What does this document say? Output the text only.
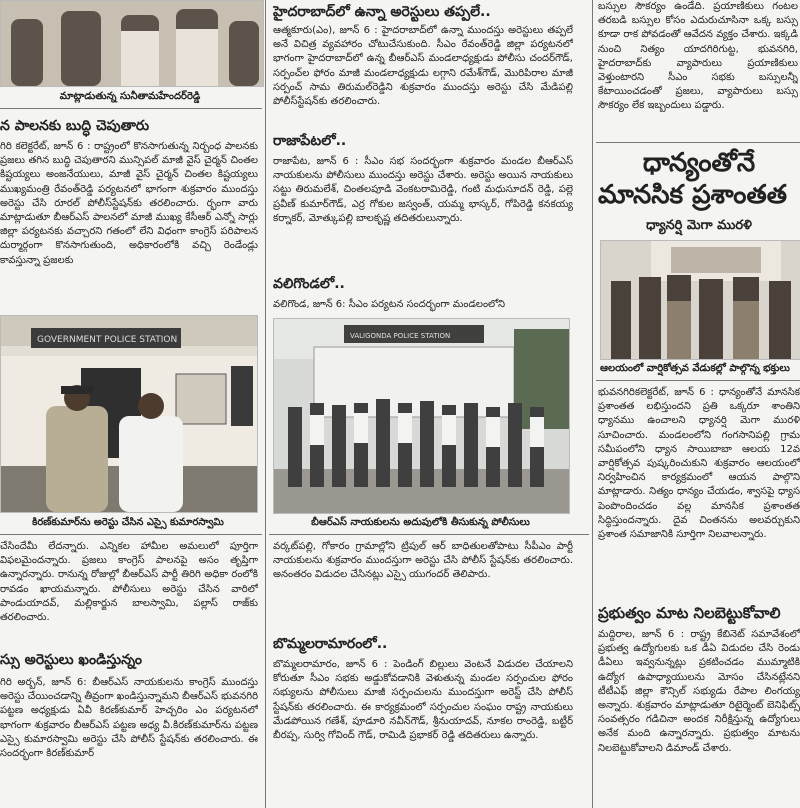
మాట్లాడుతున్న సునీతామహేందర్‌రెడ్డి
న పాలనకు బుద్ధి చెపుతారు

గిరి కలెక్టరేట్‌, జూన్‌ 6 : రాష్ట్రంలో కొనసాగుతున్న నిర్బంధ పాలనకు ప్రజలు తగిన బుద్ధి చెపుతారని మున్సిపల్‌ మాజీ వైస్‌ చైర్మన్‌ చింతల కిష్టయ్యలు అంజనేయులు, మాజీ వైస్‌ చైర్మన్‌ చింతల కిష్టయ్యలు ముఖ్యమంత్రి రేవంత్‌రెడ్డి పర్యటనలో భాగంగా శుక్రవారం ముందస్తు అరెస్టు చేసి రూరల్‌ పోలీస్‌స్టేషన్‌కు తరలించారు. ర్భంగా వారు మాట్లాడుతూ బీఆర్‌ఎస్‌ పాలనలో మాజీ ముఖ్య కేసీఆర్‌ ఎన్నో సార్లు జిల్లా పర్యటనకు వచ్చారని గతంలో లేని విధంగా కాంగ్రెస్‌ పరిపాలన దుర్మార్గంగా కొనసాగుతుంది, అధికారంలోకి వచ్చి రెండేండ్లు కావస్తున్నా ప్రజలకు

GOVERNMENT POLICE STATION
కిరణ్‌కుమార్‌ను అరెస్టు చేసిన ఎస్సై కుమారస్వామి

చేసిందేమీ లేదన్నారు. ఎన్నికల హామీల అమలులో పూర్తిగా విఫలమైందన్నారు. ప్రజలు కాంగ్రెస్‌ పాలనపై అసం తృప్తిగా ఉన్నారన్నారు. రానున్న రోజుల్లో బీఆర్‌ఎస్‌ పార్టీ తిరిగి అధికా రంలోకి రావడం ఖాయమన్నారు. పోలీసులు అరెస్టు చేసిన వారిలో పాండుయాదవ్‌, మల్లికార్జున బాలస్వామి, పల్లాస్‌ రాజ్‌కు తరలించారు.

స్సు అరెస్టులు ఖండిస్తున్నం

గిరి అర్బన్‌, జూన్‌ 6: బీఆర్‌ఎస్‌ నాయకులను కాంగ్రెస్‌ ముందస్తు అరెస్టు చేయించడాన్ని తీవ్రంగా ఖండిస్తున్నామని బీఆర్‌ఎస్‌ భువనగిరి పట్టణ అధ్యక్షుడు ఏవీ కిరణ్‌కుమార్‌ హెచ్చరిం ఎం పర్యటనలో భాగంగా శుక్రవారం బీఆర్‌ఎస్‌ పట్టణ అధ్య వీ.కిరణ్‌కుమార్‌ను పట్టణ ఎస్సై కుమారస్వామి అరెస్టు చేసి పోలీస్‌ స్టేషన్‌కు తరలించారు. ఈ సందర్భంగా కిరణ్‌కుమార్‌

హైదరాబాద్‌లో ఉన్నా అరెస్టులు తప్పలే..

ఆత్మకూరు(ఎం), జూన్‌ 6 : హైదరాబాద్‌లో ఉన్నా ముందస్తు అరెస్టులు తప్పలే అనే విచిత్ర వ్యవహారం చోటుచేసుకుంది. సీఎం రేవంత్‌రెడ్డి జిల్లా పర్యటనలో భాగంగా హైదరాబాద్‌లో ఉన్న బీఆర్‌ఎస్‌ మండలాధ్యక్షుడు పోలీసు చందర్‌గౌడ్‌, సర్పంచ్‌ల ఫోరం మాజీ మండలాధ్యక్షుడు లగ్గాని రమేశ్‌గౌడ్‌, మొరిపిరాల మాజీ సర్పంచ్‌ సామ తిరుమల్‌రెడ్డిని శుక్రవారం ముందస్తు అరెస్టు చేసి మేడిపల్లి పోలీస్‌స్టేషన్‌కు తరలించారు.

రాజాపేటలో..

రాజాపేట, జూన్‌ 6 : సీఎం సభ సందర్భంగా శుక్రవారం మండల బీఆర్‌ఎస్‌ నాయకులను పోలీసులు ముందస్తు అరెస్టు చేశారు. అరెస్టు అయిన నాయకులు సట్టు తిరుమలేశ్‌, చింతలపూడి వెంకటరామిరెడ్డి, గంటి మధుసూదన్‌ రెడ్డి, పల్లె ప్రవీణ్‌ కుమార్‌గౌడ్‌, ఎర్ర గోకుల జస్వంత్‌, యమ్మ భాస్కర్‌, గోపిరెడ్డి కనకయ్య కర్నాకర్‌, మోత్కుపల్లి బాలకృష్ణ తదితరులున్నారు.

వలిగొండలో..

వలిగొండ, జూన్‌ 6: సీఎం పర్యటన సందర్భంగా మండలంలోని

VALIGONDA POLICE STATION
బీఆర్‌ఎస్‌ నాయకులను అదుపులోకి తీసుకున్న పోలీసులు

వర్కట్‌పల్లి, గోకారం గ్రామాల్లోని ట్రిపుల్‌ ఆర్‌ బాధితులతోపాటు సీపీఎం పార్టీ నాయకులను శుక్రవారం ముందస్తుగా అరెస్టు చేసి పోలీస్‌ స్టేషన్‌కు తరలించారు. అనంతరం విడుదల చేసినట్లు ఎస్సై యుగందర్‌ తెలిపారు.

బొమ్మలరామారంలో..

బొమ్మలరామారం, జూన్‌ 6 : పెండింగ్‌ బిల్లులు వెంటనే విడుదల చేయాలని కోరుతూ సీఎం సభకు అడ్డుకోవడానికి వెళుతున్న మండల సర్పంచుల ఫోరం సభ్యులను పోలీసులు మాజీ సర్పంచులను ముందస్తుగా అరెస్ట్‌ చేసి పోలీస్‌ స్టేషన్‌కు తరలించారు. ఈ కార్యక్రమంలో సర్పంచుల సంఘం రాష్ట్ర నాయకులు మేడపోయిన గణేశ్‌, పూడూరి నవీన్‌గౌడ్‌, శ్రీనుయాదవ్‌, నూకల రాంరెడ్డి, బట్టీర్‌ బీరప్ప, సుర్వి గోవింద్‌ గౌడ్‌, రామిడి ప్రభాకర్‌ రెడ్డి తదితరులు ఉన్నారు.

బస్సుల సౌకర్యం ఉండేది. ప్రయాణికులు గంటల తరబడి బస్సుల కోసం ఎదురుచూసినా ఒక్క బస్సు కూడా రాక పోవడంతో ఆవేదన వ్యక్తం చేశారు. ఇక్కడి నుంచి నిత్యం యాదగిరిగుట్ట, భువనగిరి, హైదరాబాద్‌కు వ్యాపారులు ప్రయాణికులు వెళ్తుంటారని సీఎం సభకు బస్సులన్నీ కేటాయించడంతో ప్రజలు, వ్యాపారులు బస్సు సౌకర్యం లేక ఇబ్బందులు పడ్డారు.

ధాన్యంతోనే
మానసిక ప్రశాంతత
ధ్యానర్షి మెగా మురళి
ఆలయంలో వార్షికోత్సవ వేడుకల్లో పాల్గొన్న భక్తులు

భువనగిరికలెక్టరేట్‌, జూన్‌ 6 : ధాన్యంతోనే మానసిక ప్రశాంతత లభిస్తుందని ప్రతి ఒక్కరూ శాంతిని ధ్యానము ఉంచాలని ధ్యానర్షి మెగా మురళి సూచించారు. మండలంలోని గంగసానిపల్లి గ్రామ సమీపంలోని ధ్యాన సాయిబాబా ఆలయ 12వ వార్షికోత్సవ పుష్కరించుకుని శుక్రవారం ఆలయంలో నిర్వహించిన కార్యక్రమంలో ఆయన పాల్గొని మాట్లాడారు. నిత్యం ధాన్యం చేయడం, శ్వాసపై ధ్యాస పెంపొందించడం వల్ల మానసిక ప్రశాంతత సిద్ధిస్తుందన్నారు. దైవ చింతనను అలవర్చుకుని ప్రశాంత సమాజానికి సూర్తిగా నిలవాలన్నారు.

ప్రభుత్వం మాట నిలబెట్టుకోవాలి

మద్దిరాల, జూన్‌ 6 : రాష్ట్ర కేబినెట్‌ సమావేశంలో ప్రభుత్వ ఉద్యోగులకు ఒక డీఏ విడుదల చేసి రెండు డీఏలు ఇవ్వనున్నట్లు ప్రకటించడం ముమ్మాటికి ఉద్యోగ ఉపాధ్యాయులను మోసం చేసినట్లేనని టీటీఎఫ్‌ జిల్లా కౌన్సిల్‌ సభ్యుడు రేపాల లింగయ్య అన్నారు. శుక్రవారం మాట్లాడుతూ రిటైర్మెంట్‌ బెనిఫిట్స్‌ సంవత్సరం గడిచినా అందక నిరీక్షిస్తున్న ఉద్యోగులు అనేక మంది ఉన్నారన్నారు. ప్రభుత్వం మాటను నిలబెట్టుకోవాలని డిమాండ్‌ చేశారు.
